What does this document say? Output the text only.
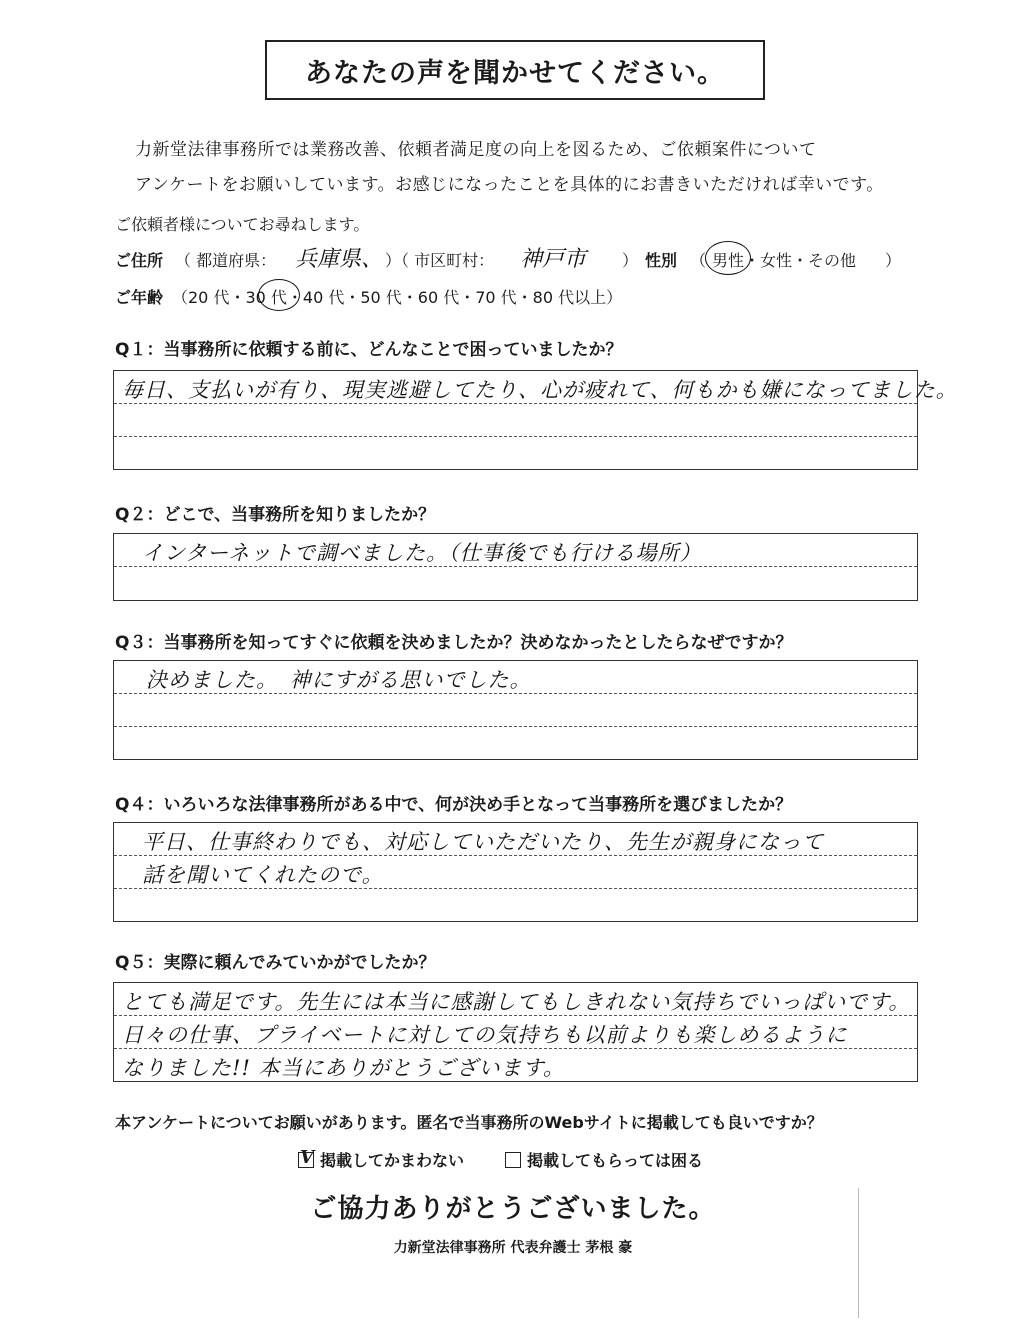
あなたの声を聞かせてください。
力新堂法律事務所では業務改善、依頼者満足度の向上を図るため、ご依頼案件について
アンケートをお願いしています。お感じになったことを具体的にお書きいただければ幸いです。
ご依頼者様についてお尋ねします。
ご住所 （ 都道府県： 兵庫県、 ）（ 市区町村： 神戸市 ） 性別 （ 男性・女性・その他 ）
ご年齢 （20 代・30 代・40 代・50 代・60 代・70 代・80 代以上）
Q１：当事務所に依頼する前に、どんなことで困っていましたか？
毎日、支払いが有り、現実逃避してたり、心が疲れて、何もかも嫌になってました。
Q２：どこで、当事務所を知りましたか？
インターネットで調べました。（仕事後でも行ける場所）
Q３：当事務所を知ってすぐに依頼を決めましたか？決めなかったとしたらなぜですか？
決めました。　神にすがる思いでした。
Q４：いろいろな法律事務所がある中で、何が決め手となって当事務所を選びましたか？
平日、仕事終わりでも、対応していただいたり、先生が親身になって
話を聞いてくれたので。
Q５：実際に頼んでみていかがでしたか？
とても満足です。先生には本当に感謝してもしきれない気持ちでいっぱいです。
日々の仕事、プライベートに対しての気持ちも以前よりも楽しめるように
なりました!! 本当にありがとうございます。
本アンケートについてお願いがあります。匿名で当事務所のWebサイトに掲載しても良いですか？
V 掲載してかまわない	掲載してもらっては困る
ご協力ありがとうございました。
力新堂法律事務所 代表弁護士 茅根 豪
